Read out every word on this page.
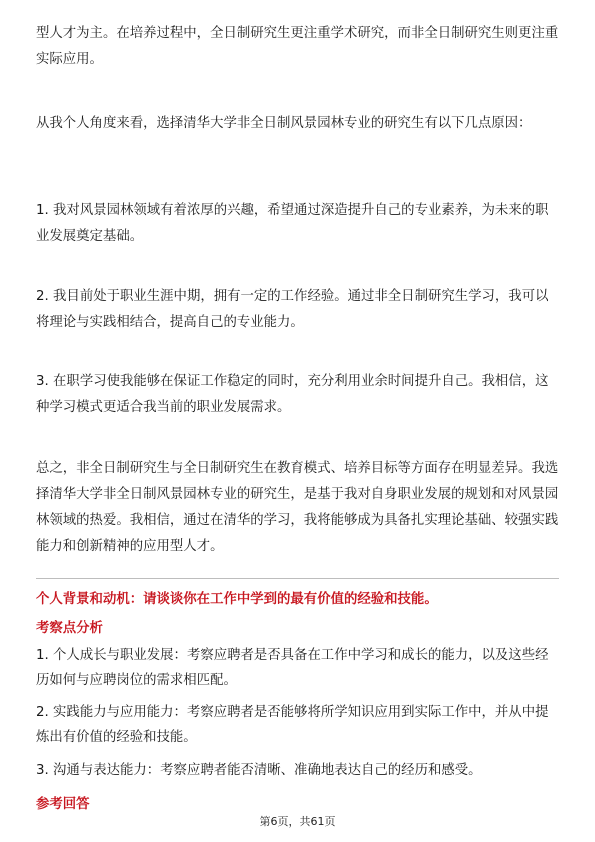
型人才为主。在培养过程中，全日制研究生更注重学术研究，而非全日制研究生则更注重实际应用。

从我个人角度来看，选择清华大学非全日制风景园林专业的研究生有以下几点原因：

1. 我对风景园林领域有着浓厚的兴趣，希望通过深造提升自己的专业素养，为未来的职业发展奠定基础。

2. 我目前处于职业生涯中期，拥有一定的工作经验。通过非全日制研究生学习，我可以将理论与实践相结合，提高自己的专业能力。

3. 在职学习使我能够在保证工作稳定的同时，充分利用业余时间提升自己。我相信，这种学习模式更适合我当前的职业发展需求。

总之，非全日制研究生与全日制研究生在教育模式、培养目标等方面存在明显差异。我选择清华大学非全日制风景园林专业的研究生，是基于我对自身职业发展的规划和对风景园林领域的热爱。我相信，通过在清华的学习，我将能够成为具备扎实理论基础、较强实践能力和创新精神的应用型人才。

个人背景和动机：请谈谈你在工作中学到的最有价值的经验和技能。

考察点分析

1. 个人成长与职业发展：考察应聘者是否具备在工作中学习和成长的能力，以及这些经历如何与应聘岗位的需求相匹配。

2. 实践能力与应用能力：考察应聘者是否能够将所学知识应用到实际工作中，并从中提炼出有价值的经验和技能。

3. 沟通与表达能力：考察应聘者能否清晰、准确地表达自己的经历和感受。

参考回答

第6页，共61页
